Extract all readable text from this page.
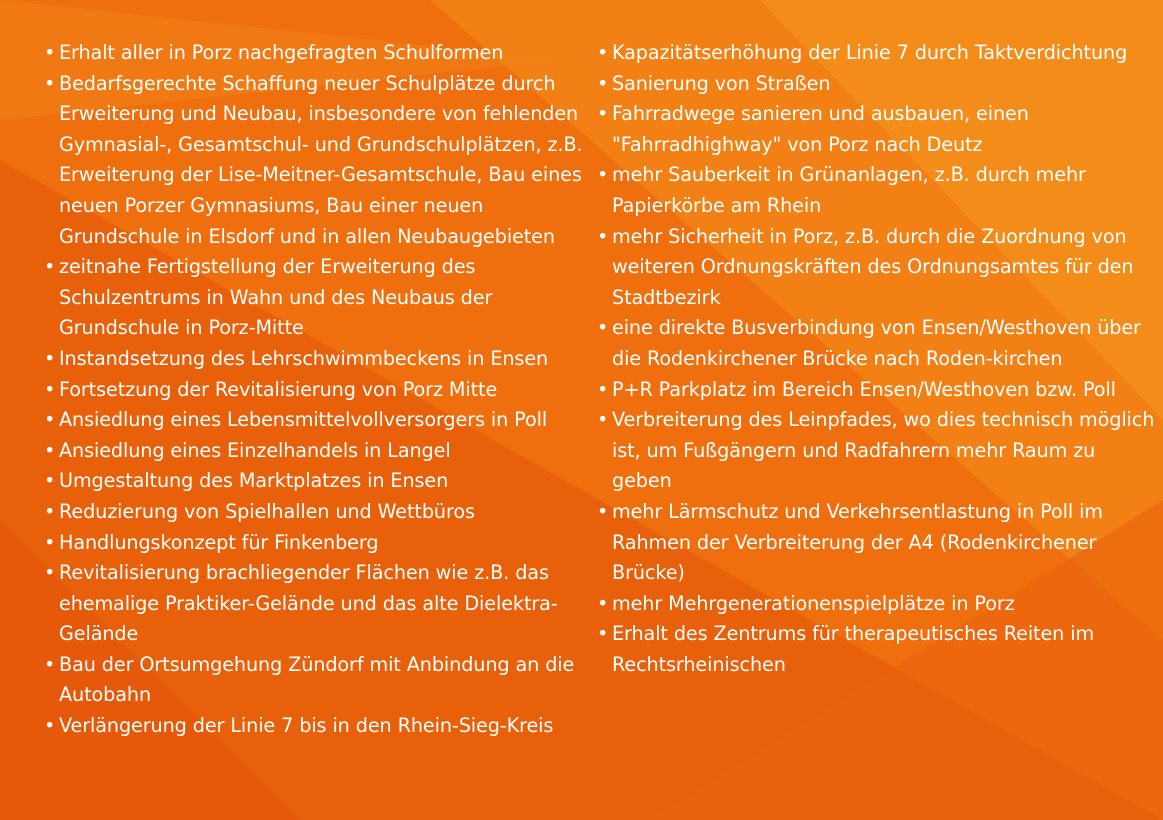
• Erhalt aller in Porz nachgefragten Schulformen
• Bedarfsgerechte Schaffung neuer Schulplätze durch Erweiterung und Neubau, insbesondere von fehlenden Gymnasial-, Gesamtschul- und Grundschulplätzen, z.B. Erweiterung der Lise-Meitner-Gesamtschule, Bau eines neuen Porzer Gymnasiums, Bau einer neuen Grundschule in Elsdorf und in allen Neubaugebieten
• zeitnahe Fertigstellung der Erweiterung des Schulzentrums in Wahn und des Neubaus der Grundschule in Porz-Mitte
• Instandsetzung des Lehrschwimmbeckens in Ensen
• Fortsetzung der Revitalisierung von Porz Mitte
• Ansiedlung eines Lebensmittelvollversorgers in Poll
• Ansiedlung eines Einzelhandels in Langel
• Umgestaltung des Marktplatzes in Ensen
• Reduzierung von Spielhallen und Wettbüros
• Handlungskonzept für Finkenberg
• Revitalisierung brachliegender Flächen wie z.B. das ehemalige Praktiker-Gelände und das alte Dielektra-Gelände
• Bau der Ortsumgehung Zündorf mit Anbindung an die Autobahn
• Verlängerung der Linie 7 bis in den Rhein-Sieg-Kreis
• Kapazitätserhöhung der Linie 7 durch Taktverdichtung
• Sanierung von Straßen
• Fahrradwege sanieren und ausbauen, einen "Fahrradhighway" von Porz nach Deutz
• mehr Sauberkeit in Grünanlagen, z.B. durch mehr Papierkörbe am Rhein
• mehr Sicherheit in Porz, z.B. durch die Zuordnung von weiteren Ordnungskräften des Ordnungsamtes für den Stadtbezirk
• eine direkte Busverbindung von Ensen/Westhoven über die Rodenkirchener Brücke nach Roden-kirchen
• P+R Parkplatz im Bereich Ensen/Westhoven bzw. Poll
• Verbreiterung des Leinpfades, wo dies technisch möglich ist, um Fußgängern und Radfahrern mehr Raum zu geben
• mehr Lärmschutz und Verkehrsentlastung in Poll im Rahmen der Verbreiterung der A4 (Rodenkirchener Brücke)
• mehr Mehrgenerationenspielplätze in Porz
• Erhalt des Zentrums für therapeutisches Reiten im Rechtsrheinischen
